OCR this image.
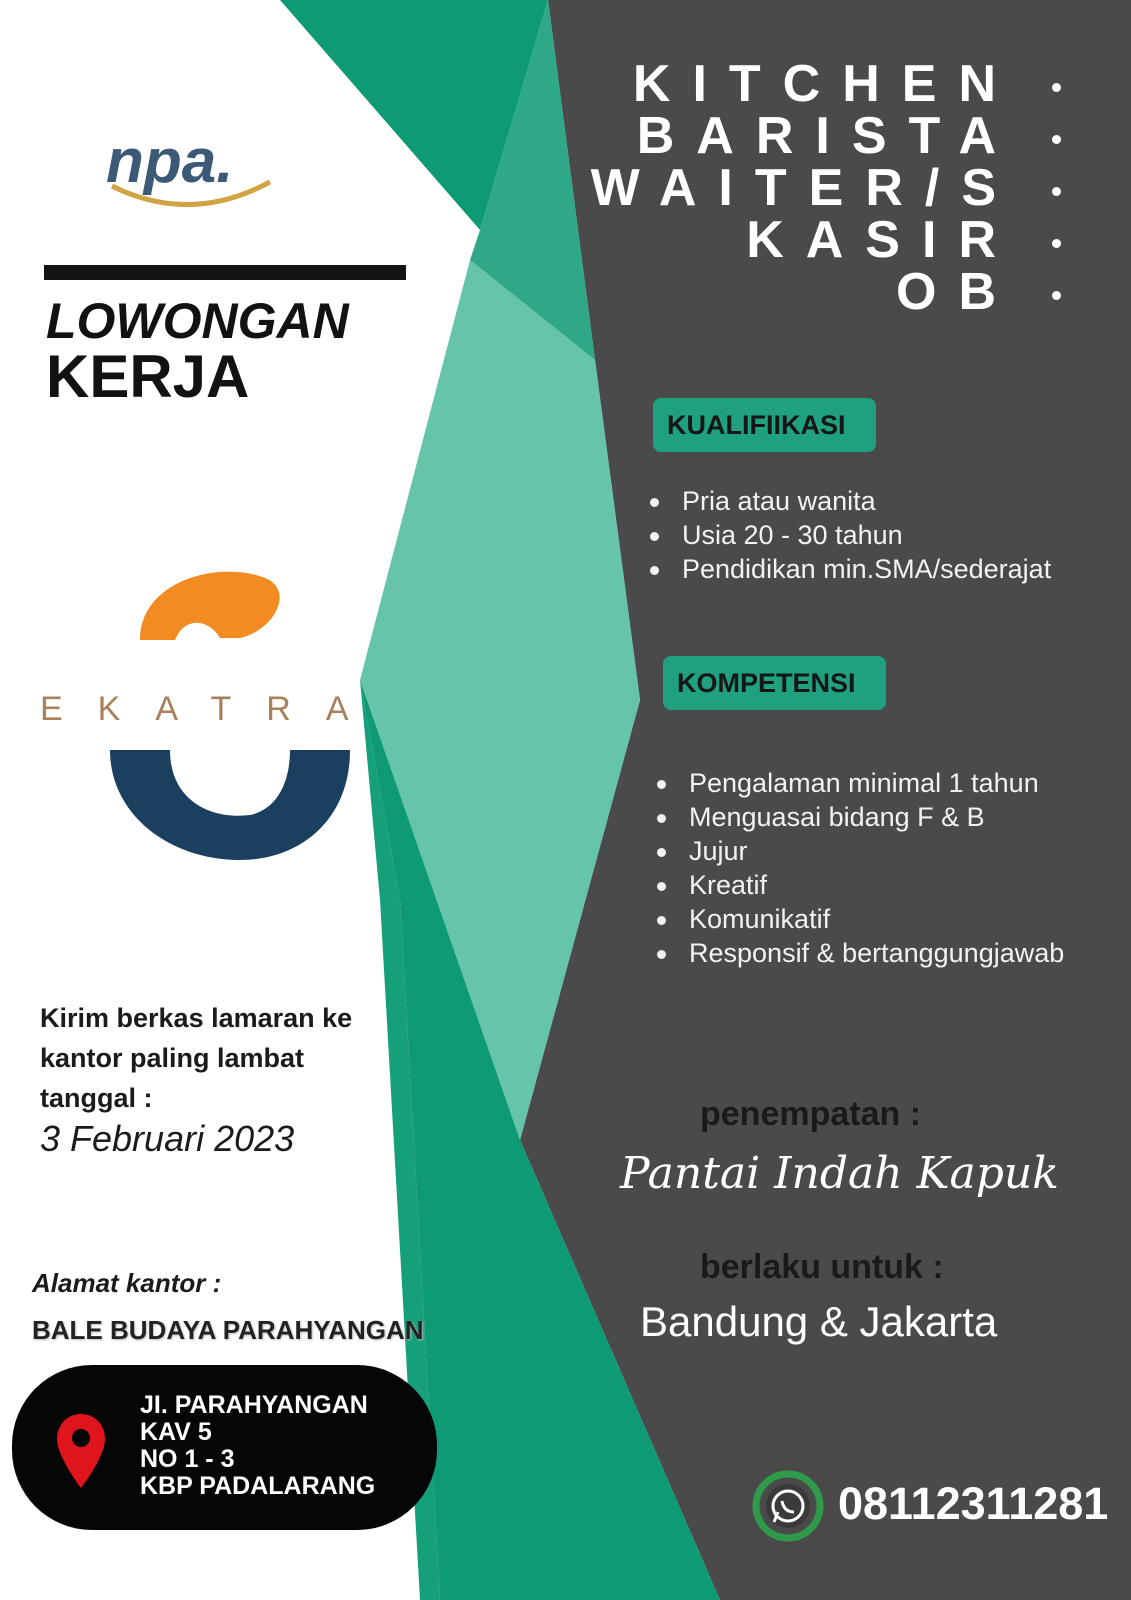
npa.
LOWONGAN
KERJA
EKATRA
Kirim berkas lamaran ke kantor paling lambat tanggal :
3 Februari 2023
Alamat kantor :
BALE BUDAYA PARAHYANGAN
JI. PARAHYANGAN
KAV 5
NO 1 - 3
KBP PADALARANG
KITCHEN
BARISTA
WAITER/S
KASIR
OB
KUALIFIIKASI
Pria atau wanita
Usia 20 - 30 tahun
Pendidikan min.SMA/sederajat
KOMPETENSI
Pengalaman minimal 1 tahun
Menguasai bidang F & B
Jujur
Kreatif
Komunikatif
Responsif & bertanggungjawab
penempatan :
Pantai Indah Kapuk
berlaku untuk :
Bandung & Jakarta
08112311281
